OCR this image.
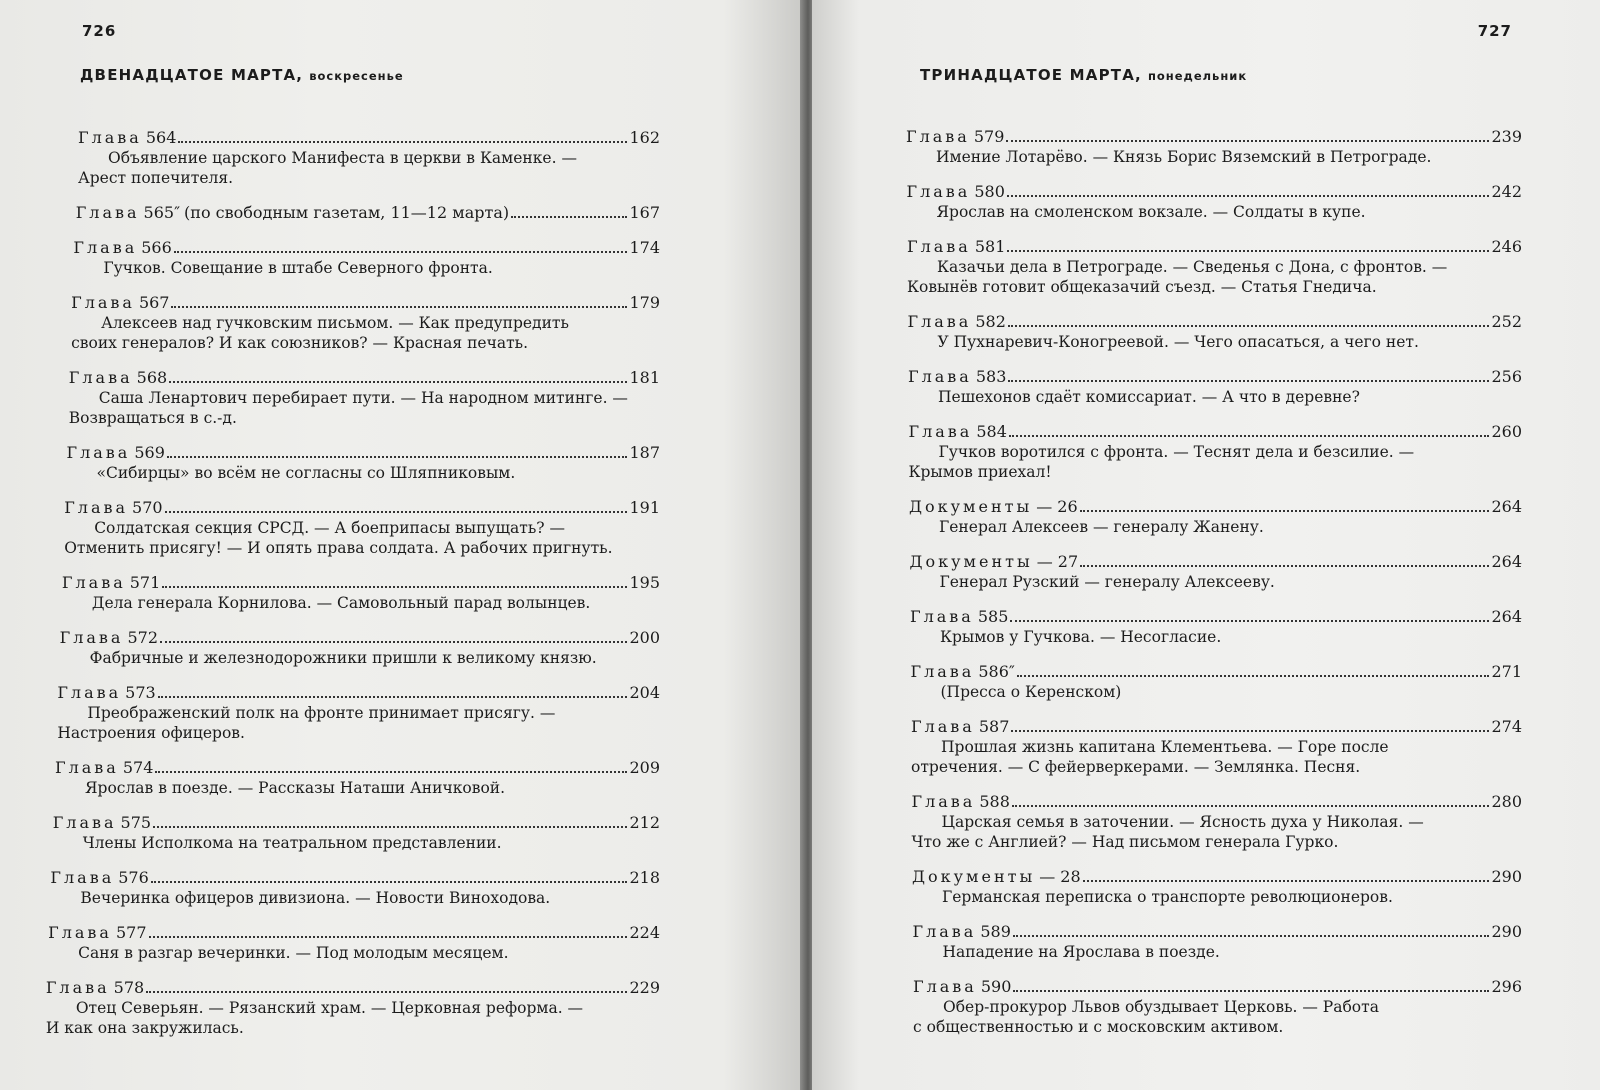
726
ДВЕНАДЦАТОЕ МАРТА, воскресенье
Глава 564	162
Объявление царского Манифеста в церкви в Каменке. —
Арест попечителя.
Глава 565″ (по свободным газетам, 11—12 марта)	167
Глава 566	174
Гучков. Совещание в штабе Северного фронта.
Глава 567	179
Алексеев над гучковским письмом. — Как предупредить
своих генералов? И как союзников? — Красная печать.
Глава 568	181
Саша Ленартович перебирает пути. — На народном митинге. —
Возвращаться в с.-д.
Глава 569	187
«Сибирцы» во всём не согласны со Шляпниковым.
Глава 570	191
Солдатская секция СРСД. — А боеприпасы выпущать? —
Отменить присягу! — И опять права солдата. А рабочих пригнуть.
Глава 571	195
Дела генерала Корнилова. — Самовольный парад волынцев.
Глава 572	200
Фабричные и железнодорожники пришли к великому князю.
Глава 573	204
Преображенский полк на фронте принимает присягу. —
Настроения офицеров.
Глава 574	209
Ярослав в поезде. — Рассказы Наташи Аничковой.
Глава 575	212
Члены Исполкома на театральном представлении.
Глава 576	218
Вечеринка офицеров дивизиона. — Новости Виноходова.
Глава 577	224
Саня в разгар вечеринки. — Под молодым месяцем.
Глава 578	229
Отец Северьян. — Рязанский храм. — Церковная реформа. —
И как она закружилась.
727
ТРИНАДЦАТОЕ МАРТА, понедельник
Глава 579	239
Имение Лотарёво. — Князь Борис Вяземский в Петрограде.
Глава 580	242
Ярослав на смоленском вокзале. — Солдаты в купе.
Глава 581	246
Казачьи дела в Петрограде. — Сведенья с Дона, с фронтов. —
Ковынёв готовит общеказачий съезд. — Статья Гнедича.
Глава 582	252
У Пухнаревич-Коногреевой. — Чего опасаться, а чего нет.
Глава 583	256
Пешехонов сдаёт комиссариат. — А что в деревне?
Глава 584	260
Гучков воротился с фронта. — Теснят дела и безсилие. —
Крымов приехал!
Документы — 26	264
Генерал Алексеев — генералу Жанену.
Документы — 27	264
Генерал Рузский — генералу Алексееву.
Глава 585	264
Крымов у Гучкова. — Несогласие.
Глава 586″	271
(Пресса о Керенском)
Глава 587	274
Прошлая жизнь капитана Клементьева. — Горе после
отречения. — С фейерверкерами. — Землянка. Песня.
Глава 588	280
Царская семья в заточении. — Ясность духа у Николая. —
Что же с Англией? — Над письмом генерала Гурко.
Документы — 28	290
Германская переписка о транспорте революционеров.
Глава 589	290
Нападение на Ярослава в поезде.
Глава 590	296
Обер-прокурор Львов обуздывает Церковь. — Работа
с общественностью и с московским активом.
